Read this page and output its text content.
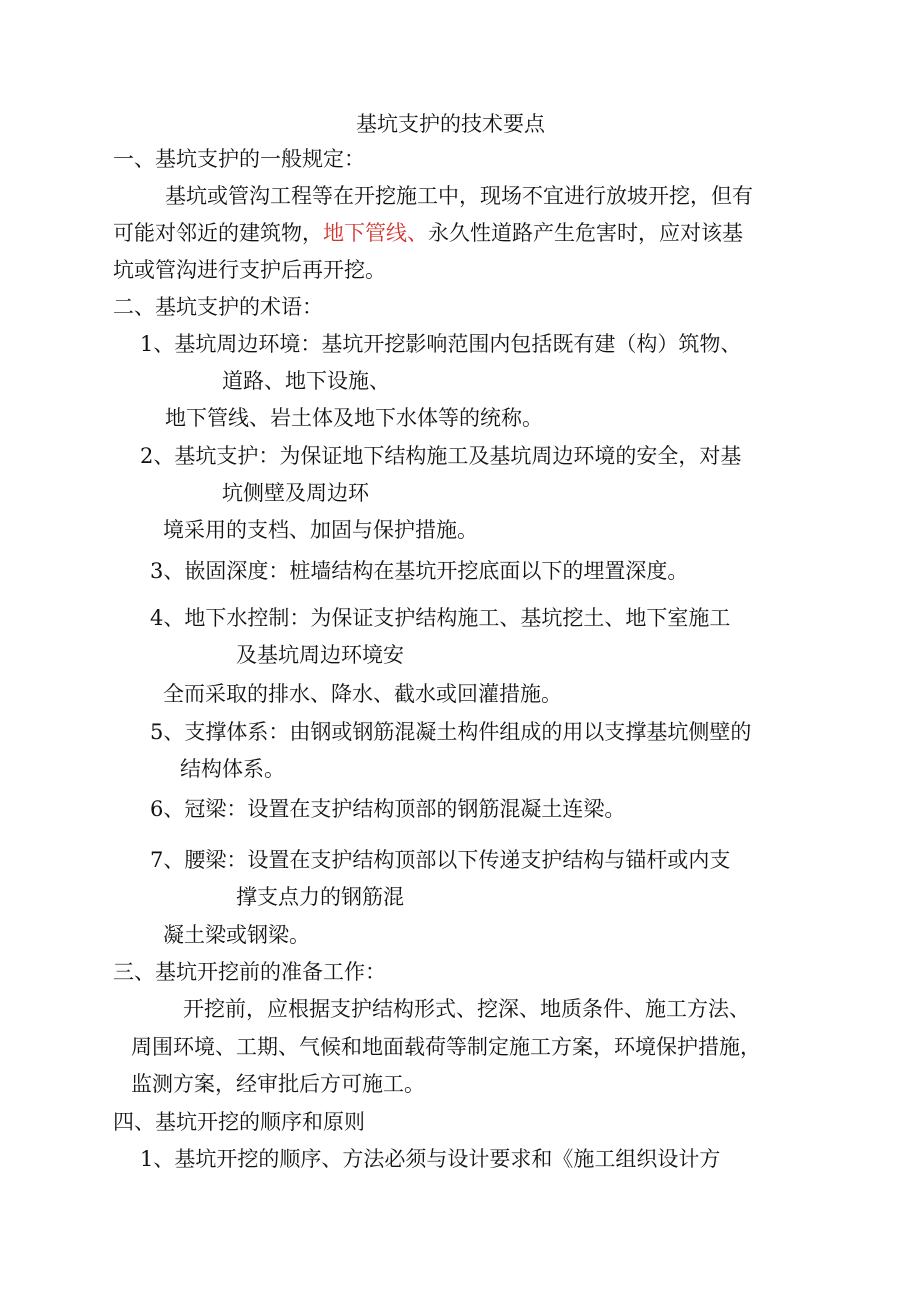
基坑支护的技术要点
一、基坑支护的一般规定：
基坑或管沟工程等在开挖施工中，现场不宜进行放坡开挖，但有
可能对邻近的建筑物，地下管线、永久性道路产生危害时，应对该基
坑或管沟进行支护后再开挖。
二、基坑支护的术语：
1、基坑周边环境：基坑开挖影响范围内包括既有建（构）筑物、
道路、地下设施、
地下管线、岩土体及地下水体等的统称。
2、基坑支护：为保证地下结构施工及基坑周边环境的安全，对基
坑侧壁及周边环
境采用的支档、加固与保护措施。
3、嵌固深度：桩墙结构在基坑开挖底面以下的埋置深度。
4、地下水控制：为保证支护结构施工、基坑挖土、地下室施工
及基坑周边环境安
全而采取的排水、降水、截水或回灌措施。
5、支撑体系：由钢或钢筋混凝土构件组成的用以支撑基坑侧壁的
结构体系。
6、冠梁：设置在支护结构顶部的钢筋混凝土连梁。
7、腰梁：设置在支护结构顶部以下传递支护结构与锚杆或内支
撑支点力的钢筋混
凝土梁或钢梁。
三、基坑开挖前的准备工作：
开挖前，应根据支护结构形式、挖深、地质条件、施工方法、
周围环境、工期、气候和地面载荷等制定施工方案，环境保护措施，
监测方案，经审批后方可施工。
四、基坑开挖的顺序和原则
1、基坑开挖的顺序、方法必须与设计要求和《施工组织设计方
